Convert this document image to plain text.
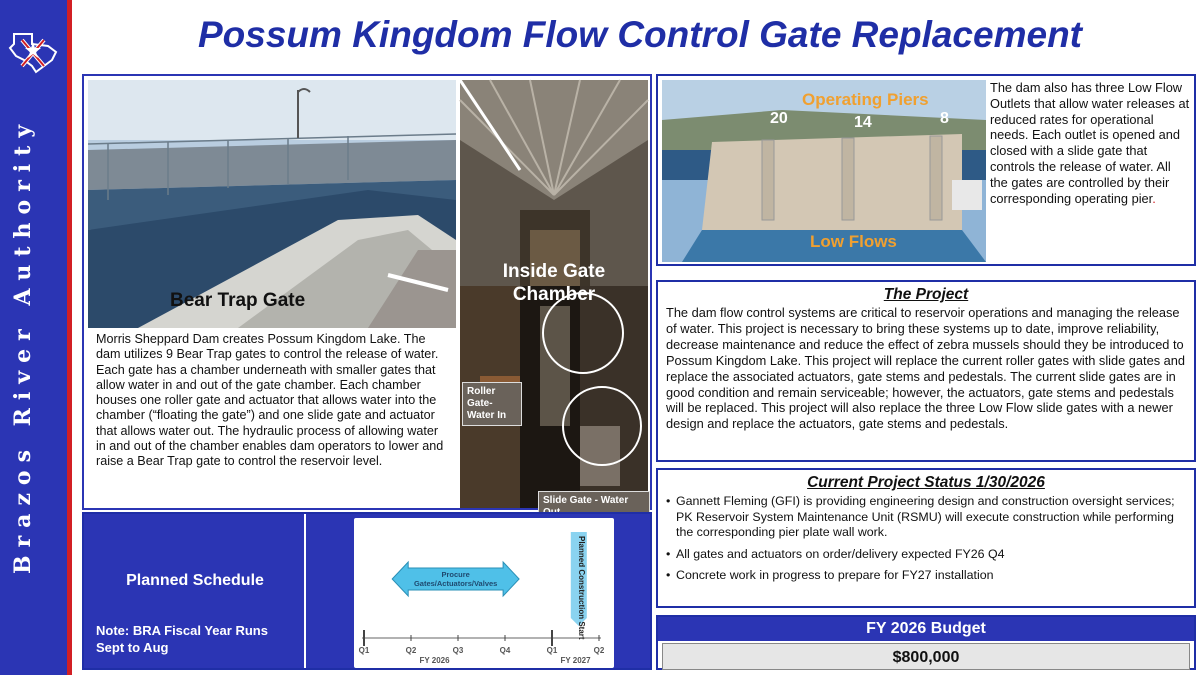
Brazos River Authority
Possum Kingdom Flow Control Gate Replacement
Bear Trap Gate
Inside Gate Chamber
Roller Gate-
Water In
Slide Gate - Water
Morris Sheppard Dam creates Possum Kingdom Lake. The dam utilizes 9 Bear Trap gates to control the release of water. Each gate has a chamber underneath with smaller gates that allow water in and out of the gate chamber. Each chamber houses one roller gate and actuator that allows water into the chamber (“floating the gate”) and one slide gate and actuator that allows water out. The hydraulic process of allowing water in and out of the chamber enables dam operators to lower and raise a Bear Trap gate to control the reservoir level.
Operating Piers
20	14	8
Low Flows
The dam also has three Low Flow Outlets that allow water releases at reduced rates for operational needs. Each outlet is opened and closed with a slide gate that controls the release of water. All the gates are controlled by their corresponding operating pier.
The Project
The dam flow control systems are critical to reservoir operations and managing the release of water. This project is necessary to bring these systems up to date, improve reliability, decrease maintenance and reduce the effect of zebra mussels should they be introduced to Possum Kingdom Lake. This project will replace the current roller gates with slide gates and replace the associated actuators, gate stems and pedestals. The current slide gates are in good condition and remain serviceable; however, the actuators, gate stems and pedestals will be replaced. This project will also replace the three Low Flow slide gates with a newer design and replace the actuators, gate stems and pedestals.
Current Project Status 1/30/2026
• Gannett Fleming (GFI) is providing engineering design and construction oversight services; PK Reservoir System Maintenance Unit (RSMU) will execute construction while performing the corresponding pier plate wall work.
• All gates and actuators on order/delivery expected FY26 Q4
• Concrete work in progress to prepare for FY27 installation
FY 2026 Budget
$800,000
Planned Schedule
Note: BRA Fiscal Year Runs
Sept to Aug	Q1	Q2	Q3	Q4	Q1	Q2
FY 2026	FY 2027
Procure
Gates/Actuators/Valves	Planned Construction Start
